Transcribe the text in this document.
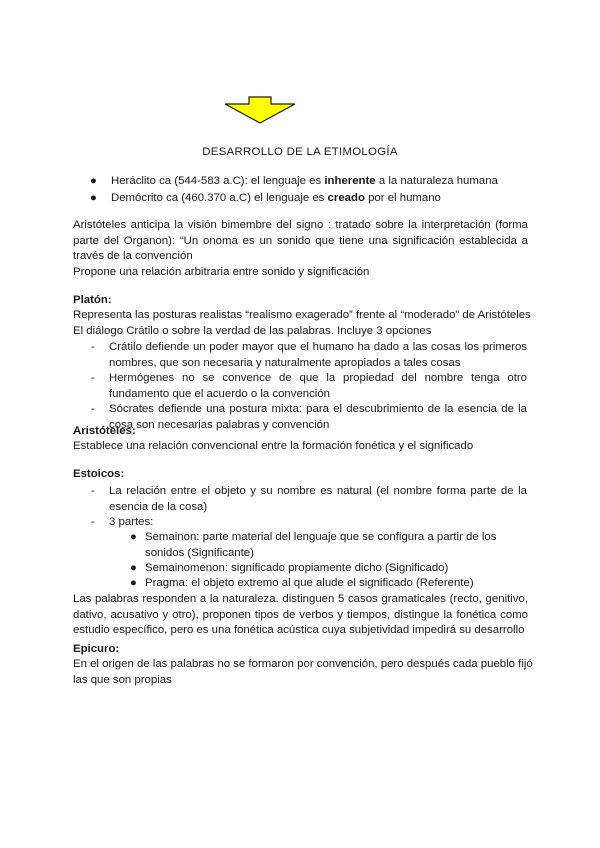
DESARROLLO DE LA ETIMOLOGÍA
● Heráclito ca (544-583 a.C): el lenguaje es inherente a la naturaleza humana
● Demócrito ca (460.370 a.C) el lenguaje es creado por el humano

Aristóteles anticipa la visión bimembre del signo : tratado sobre la interpretación (forma parte del Organon): “Un onoma es un sonido que tiene una significación establecida a través de la convención

Propone una relación arbitraria entre sonido y significación

Platón:

Representa las posturas realistas “realismo exagerado” frente al “moderado” de Aristóteles

El diálogo Crátilo o sobre la verdad de las palabras. Incluye 3 opciones

- Crátilo defiende un poder mayor que el humano ha dado a las cosas los primeros nombres, que son necesaria y naturalmente apropiados a tales cosas

- Hermógenes no se convence de que la propiedad del nombre tenga otro fundamento que el acuerdo o la convención

- Sócrates defiende una postura mixta: para el descubrimiento de la esencia de la cosa son necesarias palabras y convención

Aristóteles:

Establece una relación convencional entre la formación fonética y el significado

Estoicos:

- La relación entre el objeto y su nombre es natural (el nombre forma parte de la esencia de la cosa)

- 3 partes:

● Semainon: parte material del lenguaje que se configura a partir de los sonidos (Significante)

● Semainomenon: significado propiamente dicho (Significado)

● Pragma: el objeto extremo al que alude el significado (Referente)

Las palabras responden a la naturaleza. distinguen 5 casos gramaticales (recto, genitivo, dativo, acusativo y otro), proponen tipos de verbos y tiempos, distingue la fonética como estudio específico, pero es una fonética acústica cuya subjetividad impedirá su desarrollo

Epicuro:

En el origen de las palabras no se formaron por convención, pero después cada pueblo fijó las que son propias
